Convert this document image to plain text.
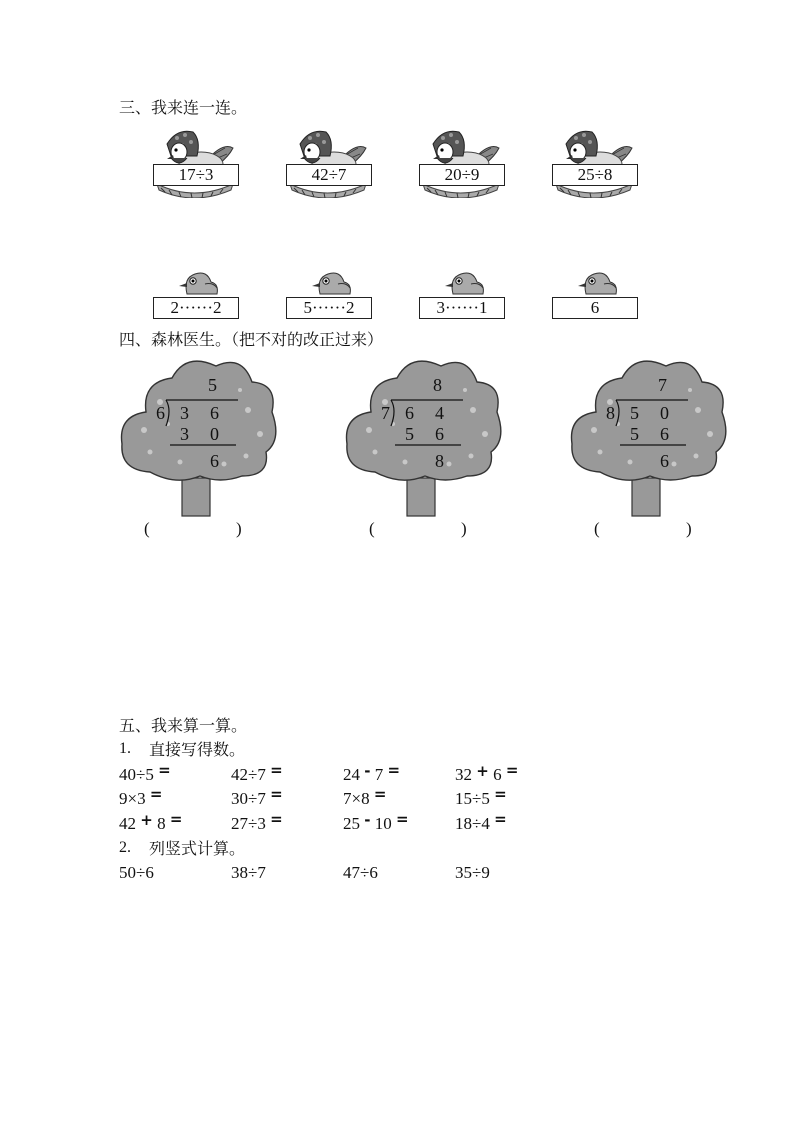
三、我来连一连。
17÷3	42÷7	20÷9	25÷8
2······2	5······2	3······1	6
四、森林医生。（把不对的改正过来）
5
6 3 6
3 0
6
(	)
8
7 6 4
5 6
8
(	)
7
8 5 0
5 6
6
(	)
五、我来算一算。
1. 直接写得数。
40÷5 =	42÷7 =	24 - 7 =	32 + 6 =
9×3 =	30÷7 =	7×8 =	15÷5 =
42 + 8 =	27÷3 =	25 - 10 =	18÷4 =
2. 列竖式计算。
50÷6	38÷7	47÷6	35÷9
